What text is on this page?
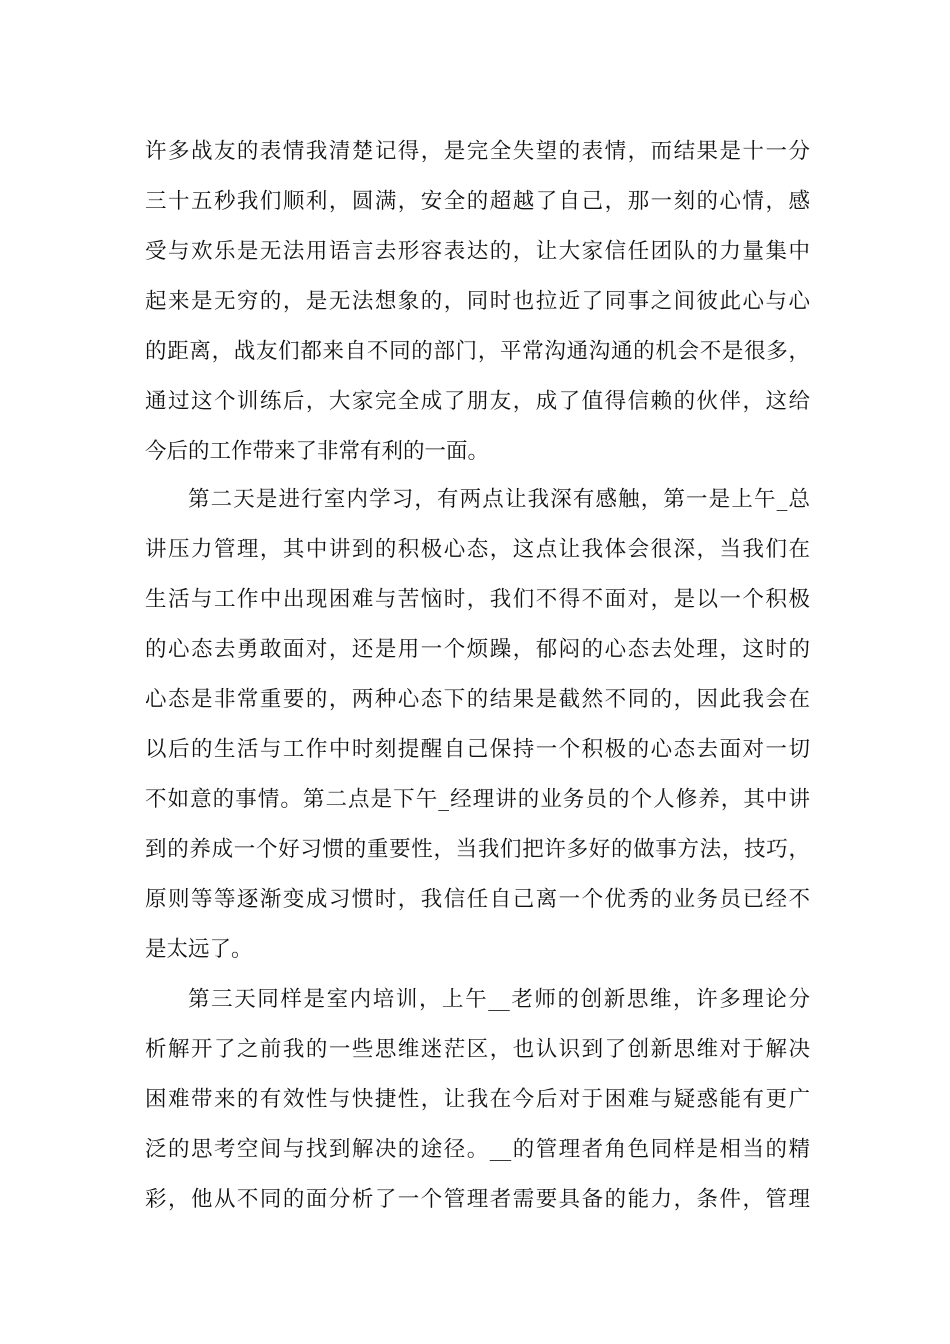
许多战友的表情我清楚记得，是完全失望的表情，而结果是十一分
三十五秒我们顺利，圆满，安全的超越了自己，那一刻的心情，感
受与欢乐是无法用语言去形容表达的，让大家信任团队的力量集中
起来是无穷的，是无法想象的，同时也拉近了同事之间彼此心与心
的距离，战友们都来自不同的部门，平常沟通沟通的机会不是很多，
通过这个训练后，大家完全成了朋友，成了值得信赖的伙伴，这给
今后的工作带来了非常有利的一面。
第二天是进行室内学习，有两点让我深有感触，第一是上午_总
讲压力管理，其中讲到的积极心态，这点让我体会很深，当我们在
生活与工作中出现困难与苦恼时，我们不得不面对，是以一个积极
的心态去勇敢面对，还是用一个烦躁，郁闷的心态去处理，这时的
心态是非常重要的，两种心态下的结果是截然不同的，因此我会在
以后的生活与工作中时刻提醒自己保持一个积极的心态去面对一切
不如意的事情。第二点是下午_经理讲的业务员的个人修养，其中讲
到的养成一个好习惯的重要性，当我们把许多好的做事方法，技巧，
原则等等逐渐变成习惯时，我信任自己离一个优秀的业务员已经不
是太远了。
第三天同样是室内培训，上午__老师的创新思维，许多理论分
析解开了之前我的一些思维迷茫区，也认识到了创新思维对于解决
困难带来的有效性与快捷性，让我在今后对于困难与疑惑能有更广
泛的思考空间与找到解决的途径。__的管理者角色同样是相当的精
彩，他从不同的面分析了一个管理者需要具备的能力，条件，管理
